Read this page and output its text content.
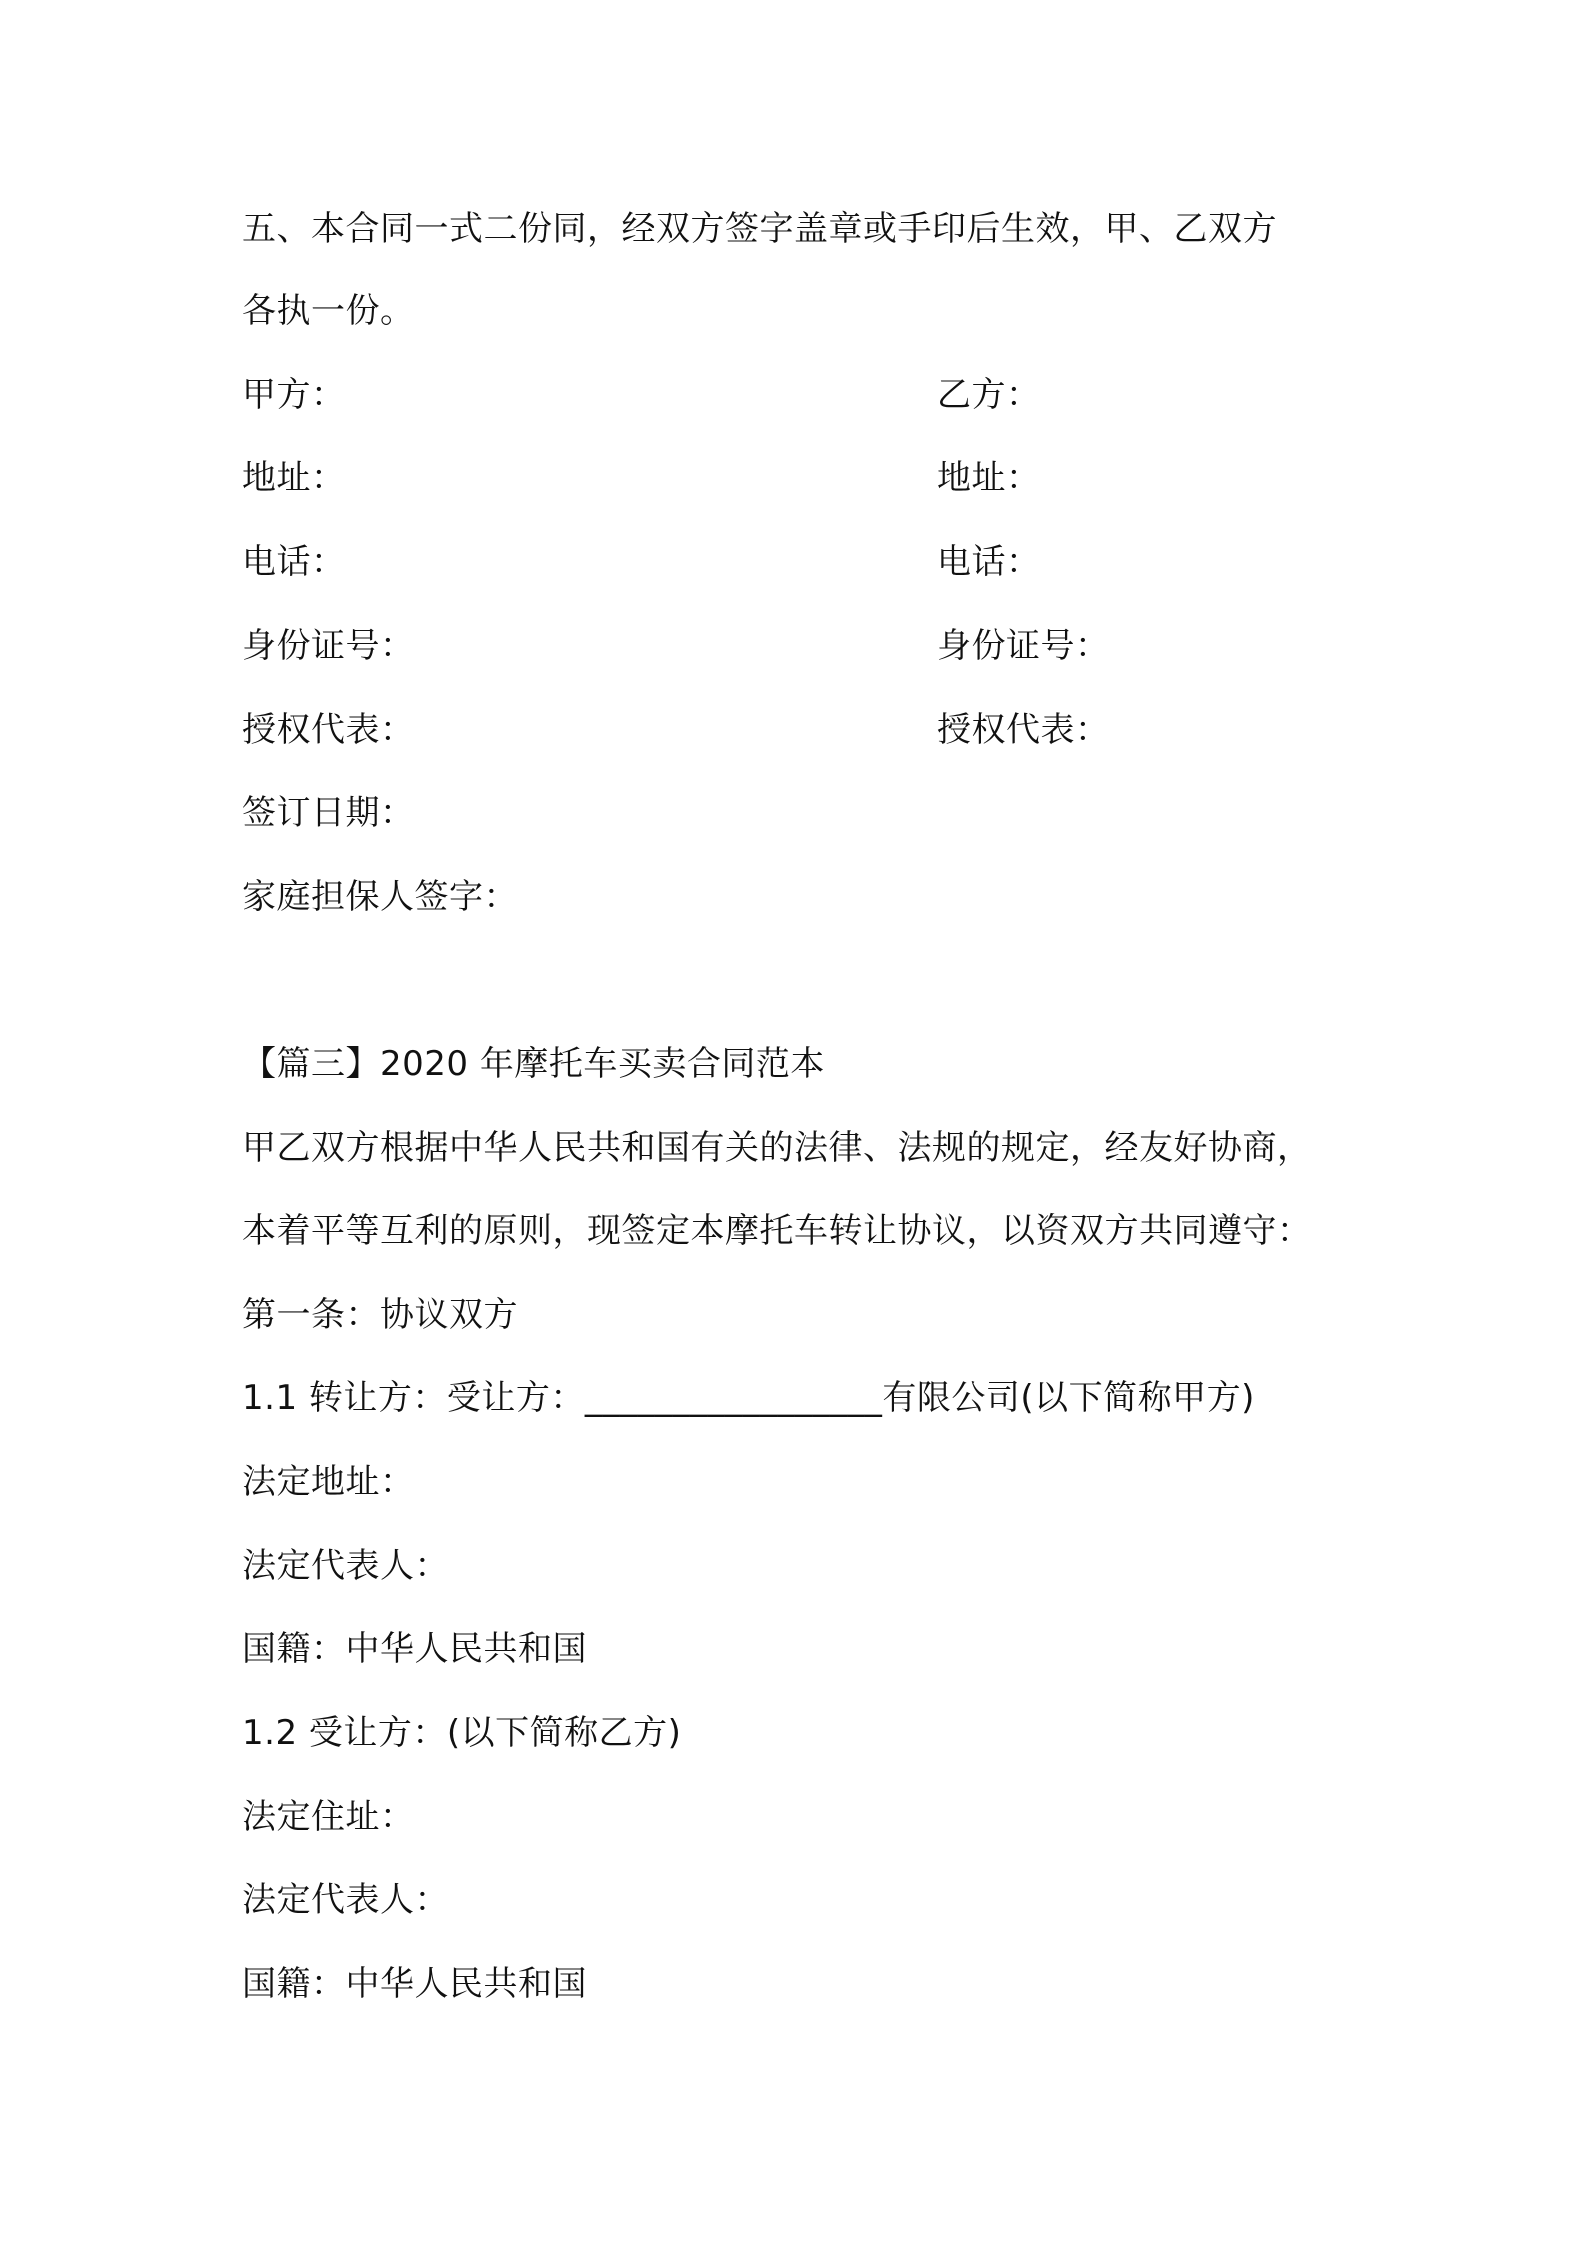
五、本合同一式二份同，经双方签字盖章或手印后生效，甲、乙双方
各执一份。
甲方：	乙方：
地址：	地址：
电话：	电话：
身份证号：	身份证号：
授权代表：	授权代表：
签订日期：
家庭担保人签字：
【篇三】2020 年摩托车买卖合同范本
甲乙双方根据中华人民共和国有关的法律、法规的规定，经友好协商，
本着平等互利的原则，现签定本摩托车转让协议，以资双方共同遵守：
第一条：协议双方
1.1 转让方：受让方：_________________有限公司(以下简称甲方)
法定地址：
法定代表人：
国籍：中华人民共和国
1.2 受让方：(以下简称乙方)
法定住址：
法定代表人：
国籍：中华人民共和国
